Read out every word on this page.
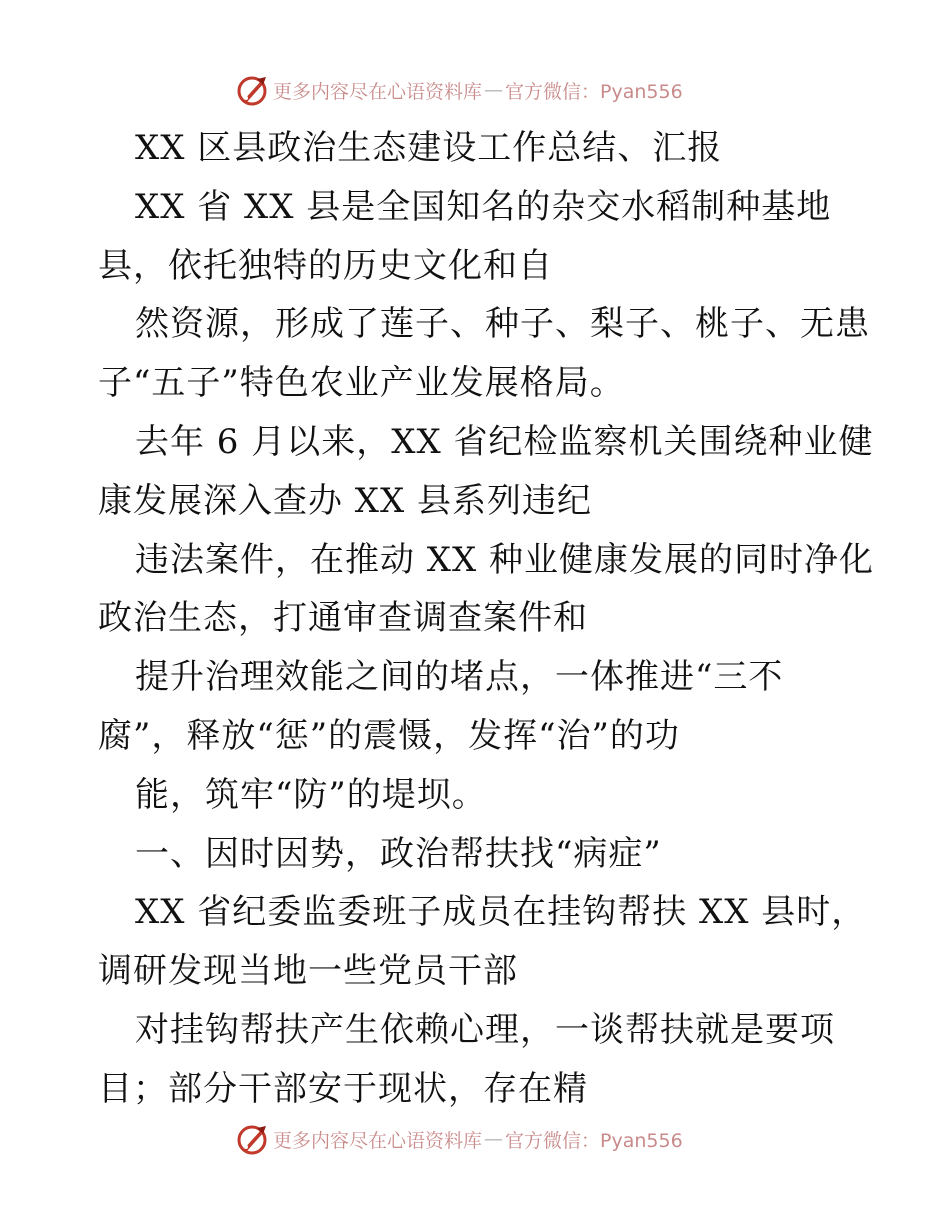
更多内容尽在心语资料库 — 官方微信：Pyan556
XX 区县政治生态建设工作总结、汇报
XX 省 XX 县是全国知名的杂交水稻制种基地
县，依托独特的历史文化和自
然资源，形成了莲子、种子、梨子、桃子、无患
子“五子”特色农业产业发展格局。
去年 6 月以来，XX 省纪检监察机关围绕种业健
康发展深入查办 XX 县系列违纪
违法案件，在推动 XX 种业健康发展的同时净化
政治生态，打通审查调查案件和
提升治理效能之间的堵点，一体推进“三不
腐”，释放“惩”的震慑，发挥“治”的功
能，筑牢“防”的堤坝。
一、因时因势，政治帮扶找“病症”
XX 省纪委监委班子成员在挂钩帮扶 XX 县时，
调研发现当地一些党员干部
对挂钩帮扶产生依赖心理，一谈帮扶就是要项
目；部分干部安于现状，存在精
更多内容尽在心语资料库 — 官方微信：Pyan556
